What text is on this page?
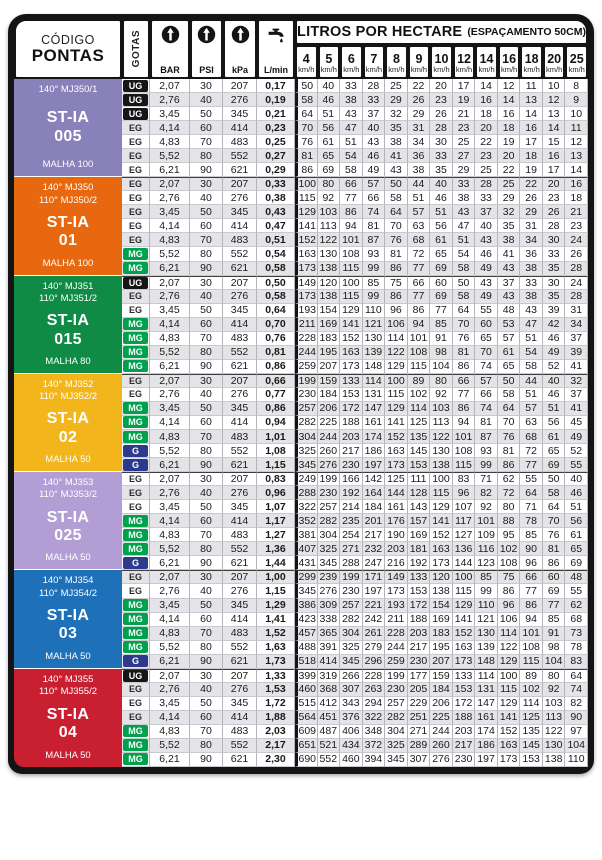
CÓDIGO
PONTAS	GOTAS	LITROS POR HECTARE (ESPAÇAMENTO 50CM)
BAR PSI kPa L/min
4
km/h
5
km/h
6
km/h
7
km/h
8
km/h
9
km/h
10
km/h
12
km/h
14
km/h
16
km/h
18
km/h
20
km/h
25
km/h
140° MJ350/1
ST-IA
005
MALHA 100
UG	2,07	30	207	0,17	50 40	33	28	25	22	20	17	14	12	11	10	8
UG	2,76	40	276	0,19	58 46	38	33	29	26	23	19	16	14	13	12	9
UG	3,45	50	345	0,21	64 51	43	37	32	29	26	21	18	16	14	13	10
EG	4,14	60	414	0,23	70 56	47	40	35	31	28	23	20	18	16	14	11
EG	4,83	70	483	0,25	76 61	51	43	38	34	30	25	22	19	17	15	12
EG	5,52	80	552	0,27	81 65	54	46	41	36	33	27	23	20	18	16	13
EG	6,21	90	621	0,29	86 69	58	49	43	38	35	29	25	22	19	17	14
140° MJ350
110° MJ350/2
ST-IA
01
MALHA 100
EG	2,07	30	207	0,33	100 80	66	57	50	44	40	33	28	25	22	20	16
EG	2,76	40	276	0,38	115 92	77	66	58	51	46	38	33	29	26	23	18
EG	3,45	50	345	0,43	129 103 86	74	64	57	51	43	37	32	29	26	21
EG	4,14	60	414	0,47	141 113 94	81	70	63	56	47	40	35	31	28	23
EG	4,83	70	483	0,51	152 122 101 87	76	68	61	51	43	38	34	30	24
MG	5,52	80	552	0,54	163 130 108 93	81	72	65	54	46	41	36	33	26
MG	6,21	90	621	0,58	173 138 115 99	86	77	69	58	49	43	38	35	28
140° MJ351
110° MJ351/2
ST-IA
015
MALHA 80
UG	2,07	30	207	0,50	149 120 100 85	75	66	60	50	43	37	33	30	24
EG	2,76	40	276	0,58	173 138 115 99	86	77	69	58	49	43	38	35	28
EG	3,45	50	345	0,64	193 154 129 110 96	86	77	64	55	48	43	39	31
MG	4,14	60	414	0,70	211 169 141 121 106 94	85	70	60	53	47	42	34
MG	4,83	70	483	0,76	228 183 152 130 114 101 91	76	65	57	51	46	37
MG	5,52	80	552	0,81	244 195 163 139 122 108 98	81	70	61	54	49	39
MG	6,21	90	621	0,86	259 207 173 148 129 115 104 86	74	65	58	52	41
140° MJ352
110° MJ352/2
ST-IA
02
MALHA 50
EG	2,07	30	207	0,66	199 159 133 114 100 89	80	66	57	50	44	40	32
EG	2,76	40	276	0,77	230 184 153 131 115 102 92	77	66	58	51	46	37
MG	3,45	50	345	0,86	257 206 172 147 129 114 103 86	74	64	57	51	41
MG	4,14	60	414	0,94	282 225 188 161 141 125 113 94	81	70	63	56	45
MG	4,83	70	483	1,01	304 244 203 174 152 135 122 101 87	76	68	61	49
G	5,52	80	552	1,08	325 260 217 186 163 145 130 108 93	81	72	65	52
G	6,21	90	621	1,15	345 276 230 197 173 153 138 115 99	86	77	69	55
140° MJ353
110° MJ353/2
ST-IA
025
MALHA 50
EG	2,07	30	207	0,83	249 199 166 142 125 111 100 83	71	62	55	50	40
EG	2,76	40	276	0,96	288 230 192 164 144 128 115 96	82	72	64	58	46
EG	3,45	50	345	1,07	322 257 214 184 161 143 129 107 92	80	71	64	51
MG	4,14	60	414	1,17	352 282 235 201 176 157 141 117 101 88	78	70	56
MG	4,83	70	483	1,27	381 304 254 217 190 169 152 127 109 95	85	76	61
MG	5,52	80	552	1,36	407 325 271 232 203 181 163 136 116 102 90	81	65
G	6,21	90	621	1,44	431 345 288 247 216 192 173 144 123 108 96	86	69
140° MJ354
110° MJ354/2
ST-IA
03
MALHA 50
EG	2,07	30	207	1,00	299 239 199 171 149 133 120 100 85	75	66	60	48
EG	2,76	40	276	1,15	345 276 230 197 173 153 138 115 99	86	77	69	55
MG	3,45	50	345	1,29	386 309 257 221 193 172 154 129 110 96	86	77	62
MG	4,14	60	414	1,41	423 338 282 242 211 188 169 141 121 106 94	85	68
MG	4,83	70	483	1,52	457 365 304 261 228 203 183 152 130 114 101 91	73
MG	5,52	80	552	1,63	488 391 325 279 244 217 195 163 139 122 108 98	78
G	6,21	90	621	1,73	518 414 345 296 259 230 207 173 148 129 115 104 83
140° MJ355
110° MJ355/2
ST-IA
04
MALHA 50
UG	2,07	30	207	1,33	399 319 266 228 199 177 159 133 114 100 89	80	64
EG	2,76	40	276	1,53	460 368 307 263 230 205 184 153 131 115 102 92	74
EG	3,45	50	345	1,72	515 412 343 294 257 229 206 172 147 129 114 103 82
EG	4,14	60	414	1,88	564 451 376 322 282 251 225 188 161 141 125 113 90
MG	4,83	70	483	2,03	609 487 406 348 304 271 244 203 174 152 135 122 97
MG	5,52	80	552	2,17	651 521 434 372 325 289 260 217 186 163 145 130 104
MG	6,21	90	621	2,30	690 552 460 394 345 307 276 230 197 173 153 138 110
